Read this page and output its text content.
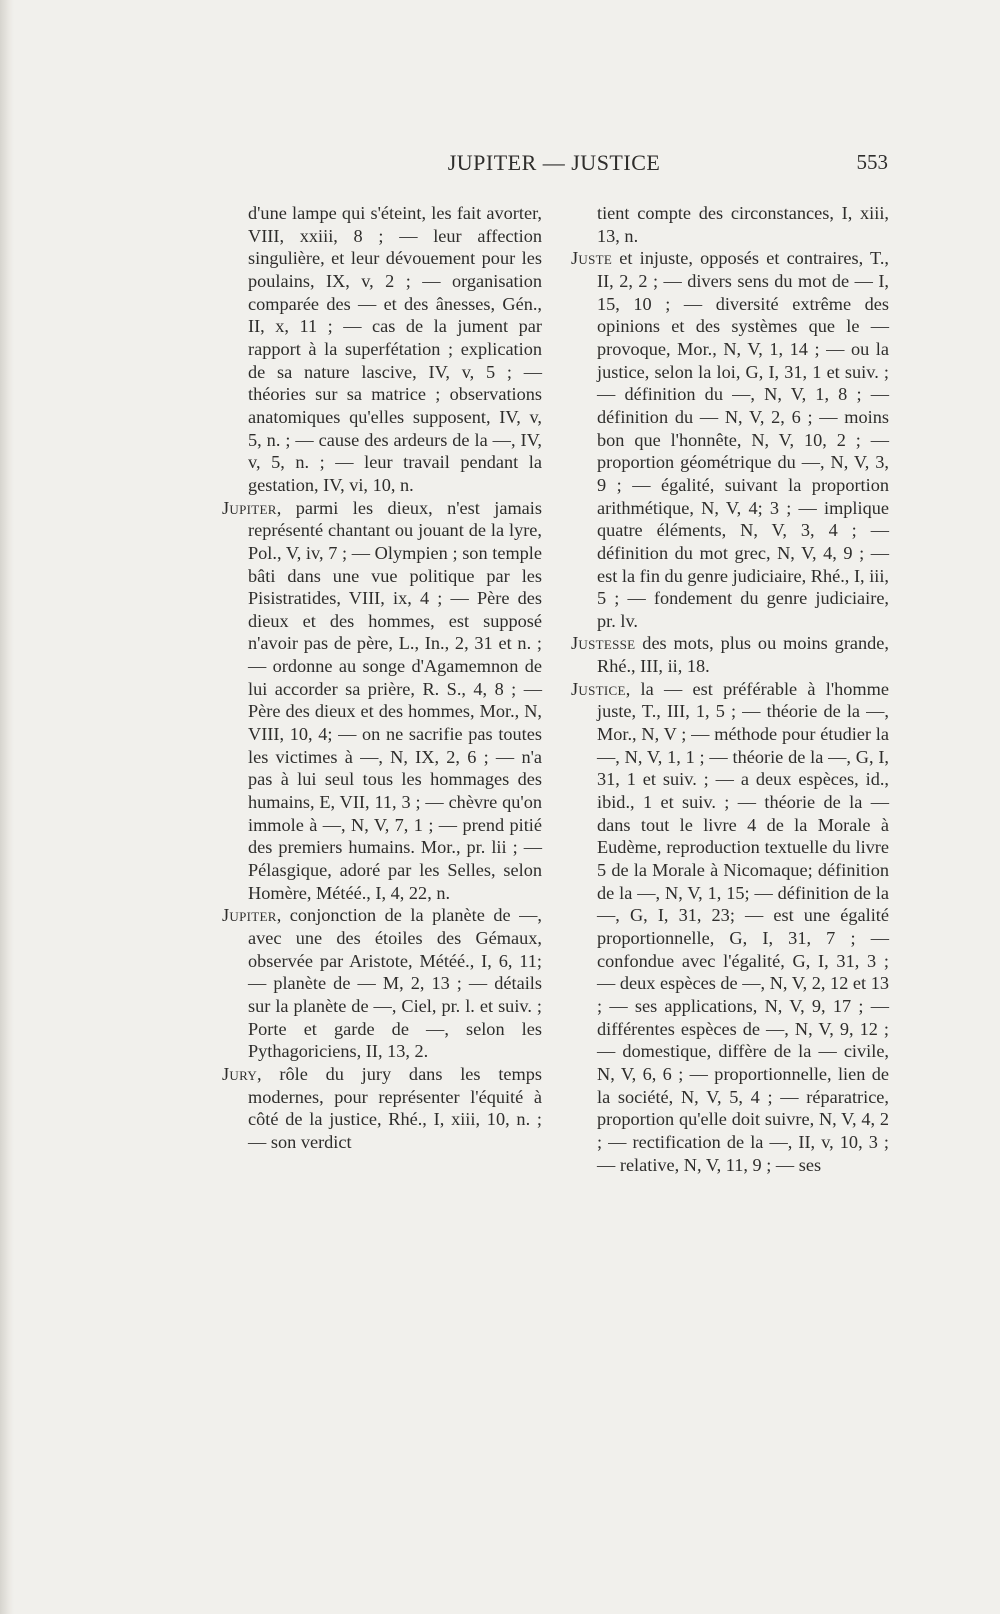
JUPITER — JUSTICE	553

d'une lampe qui s'éteint, les fait avorter, VIII, xxiii, 8 ; — leur affection singulière, et leur dévouement pour les poulains, IX, v, 2 ; — organisation comparée des — et des ânesses, Gén., II, x, 11 ; — cas de la jument par rapport à la superfétation ; explication de sa nature lascive, IV, v, 5 ; — théories sur sa matrice ; observations anatomiques qu'elles supposent, IV, v, 5, n. ; — cause des ardeurs de la —, IV, v, 5, n. ; — leur travail pendant la gestation, IV, vi, 10, n.

Jupiter, parmi les dieux, n'est jamais représenté chantant ou jouant de la lyre, Pol., V, iv, 7 ; — Olympien ; son temple bâti dans une vue politique par les Pisistratides, VIII, ix, 4 ; — Père des dieux et des hommes, est supposé n'avoir pas de père, L., In., 2, 31 et n. ; — ordonne au songe d'Agamemnon de lui accorder sa prière, R. S., 4, 8 ; — Père des dieux et des hommes, Mor., N, VIII, 10, 4; — on ne sacrifie pas toutes les victimes à —, N, IX, 2, 6 ; — n'a pas à lui seul tous les hommages des humains, E, VII, 11, 3 ; — chèvre qu'on immole à —, N, V, 7, 1 ; — prend pitié des premiers humains. Mor., pr. lii ; — Pélasgique, adoré par les Selles, selon Homère, Météé., I, 4, 22, n.

Jupiter, conjonction de la planète de —, avec une des étoiles des Gémaux, observée par Aristote, Météé., I, 6, 11; — planète de — M, 2, 13 ; — détails sur la planète de —, Ciel, pr. l. et suiv. ; Porte et garde de —, selon les Pythagoriciens, II, 13, 2.

Jury, rôle du jury dans les temps modernes, pour représenter l'équité à côté de la justice, Rhé., I, xiii, 10, n. ; — son verdict

tient compte des circonstances, I, xiii, 13, n.

Juste et injuste, opposés et contraires, T., II, 2, 2 ; — divers sens du mot de — I, 15, 10 ; — diversité extrême des opinions et des systèmes que le — provoque, Mor., N, V, 1, 14 ; — ou la justice, selon la loi, G, I, 31, 1 et suiv. ; — définition du —, N, V, 1, 8 ; — définition du — N, V, 2, 6 ; — moins bon que l'honnête, N, V, 10, 2 ; — proportion géométrique du —, N, V, 3, 9 ; — égalité, suivant la proportion arithmétique, N, V, 4; 3 ; — implique quatre éléments, N, V, 3, 4 ; — définition du mot grec, N, V, 4, 9 ; — est la fin du genre judiciaire, Rhé., I, iii, 5 ; — fondement du genre judiciaire, pr. lv.

Justesse des mots, plus ou moins grande, Rhé., III, ii, 18.

Justice, la — est préférable à l'homme juste, T., III, 1, 5 ; — théorie de la —, Mor., N, V ; — méthode pour étudier la —, N, V, 1, 1 ; — théorie de la —, G, I, 31, 1 et suiv. ; — a deux espèces, id., ibid., 1 et suiv. ; — théorie de la — dans tout le livre 4 de la Morale à Eudème, reproduction textuelle du livre 5 de la Morale à Nicomaque; définition de la —, N, V, 1, 15; — définition de la —, G, I, 31, 23; — est une égalité proportionnelle, G, I, 31, 7 ; — confondue avec l'égalité, G, I, 31, 3 ; — deux espèces de —, N, V, 2, 12 et 13 ; — ses applications, N, V, 9, 17 ; — différentes espèces de —, N, V, 9, 12 ; — domestique, diffère de la — civile, N, V, 6, 6 ; — proportionnelle, lien de la société, N, V, 5, 4 ; — réparatrice, proportion qu'elle doit suivre, N, V, 4, 2 ; — rectification de la —, II, v, 10, 3 ; — relative, N, V, 11, 9 ; — ses
